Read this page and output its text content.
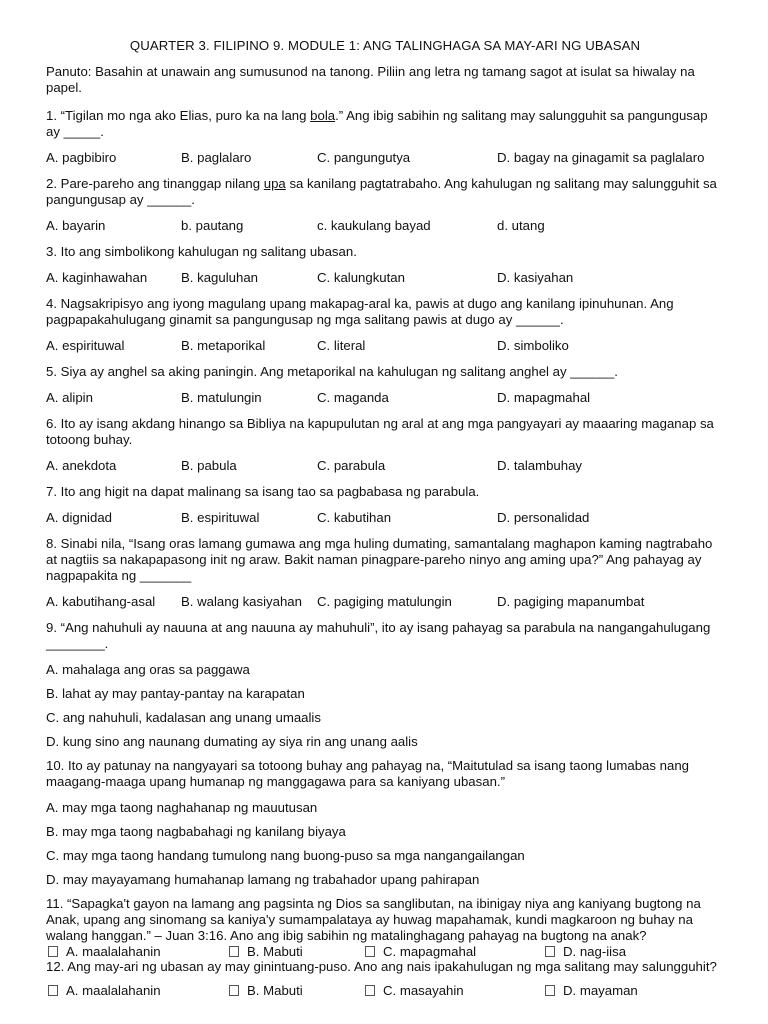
QUARTER 3. FILIPINO 9. MODULE 1: ANG TALINGHAGA SA MAY-ARI NG UBASAN
Panuto: Basahin at unawain ang sumusunod na tanong. Piliin ang letra ng tamang sagot at isulat sa hiwalay na papel.
1. “Tigilan mo nga ako Elias, puro ka na lang bola.” Ang ibig sabihin ng salitang may salungguhit sa pangungusap ay _____.
A. pagbibiro	B. paglalaro	C. pangungutya	D. bagay na ginagamit sa paglalaro
2. Pare-pareho ang tinanggap nilang upa sa kanilang pagtatrabaho. Ang kahulugan ng salitang may salungguhit sa pangungusap ay ______.
A. bayarin	b. pautang	c. kaukulang bayad	d. utang
3. Ito ang simbolikong kahulugan ng salitang ubasan.
A. kaginhawahan	B. kaguluhan	C. kalungkutan	D. kasiyahan
4. Nagsakripisyo ang iyong magulang upang makapag-aral ka, pawis at dugo ang kanilang ipinuhunan. Ang pagpapakahulugang ginamit sa pangungusap ng mga salitang pawis at dugo ay ______.
A. espirituwal	B. metaporikal	C. literal	D. simboliko
5. Siya ay anghel sa aking paningin. Ang metaporikal na kahulugan ng salitang anghel ay ______.
A. alipin	B. matulungin	C. maganda	D. mapagmahal
6. Ito ay isang akdang hinango sa Bibliya na kapupulutan ng aral at ang mga pangyayari ay maaaring maganap sa totoong buhay.
A. anekdota	B. pabula	C. parabula	D. talambuhay
7. Ito ang higit na dapat malinang sa isang tao sa pagbabasa ng parabula.
A. dignidad	B. espirituwal	C. kabutihan	D. personalidad
8. Sinabi nila, “Isang oras lamang gumawa ang mga huling dumating, samantalang maghapon kaming nagtrabaho at nagtiis sa nakapapasong init ng araw. Bakit naman pinagpare-pareho ninyo ang aming upa?” Ang pahayag ay nagpapakita ng _______
A. kabutihang-asal	B. walang kasiyahan	C. pagiging matulungin	D. pagiging mapanumbat
9. “Ang nahuhuli ay nauuna at ang nauuna ay mahuhuli”, ito ay isang pahayag sa parabula na nangangahulugang ________.
A. mahalaga ang oras sa paggawa
B. lahat ay may pantay-pantay na karapatan
C. ang nahuhuli, kadalasan ang unang umaalis
D. kung sino ang naunang dumating ay siya rin ang unang aalis
10. Ito ay patunay na nangyayari sa totoong buhay ang pahayag na, “Maitutulad sa isang taong lumabas nang maagang-maaga upang humanap ng manggagawa para sa kaniyang ubasan.”
A. may mga taong naghahanap ng mauutusan
B. may mga taong nagbabahagi ng kanilang biyaya
C. may mga taong handang tumulong nang buong-puso sa mga nangangailangan
D. may mayayamang humahanap lamang ng trabahador upang pahirapan
11. “Sapagka't gayon na lamang ang pagsinta ng Dios sa sanglibutan, na ibinigay niya ang kaniyang bugtong na Anak, upang ang sinomang sa kaniya'y sumampalataya ay huwag mapahamak, kundi magkaroon ng buhay na walang hanggan.” – Juan 3:16. Ano ang ibig sabihin ng matalinghagang pahayag na bugtong na anak?
A. maalalahanin	B. Mabuti	C. mapagmahal	D. nag-iisa
12. Ang may-ari ng ubasan ay may ginintuang-puso. Ano ang nais ipakahulugan ng mga salitang may salungguhit?
A. maalalahanin	B. Mabuti	C. masayahin	D. mayaman
